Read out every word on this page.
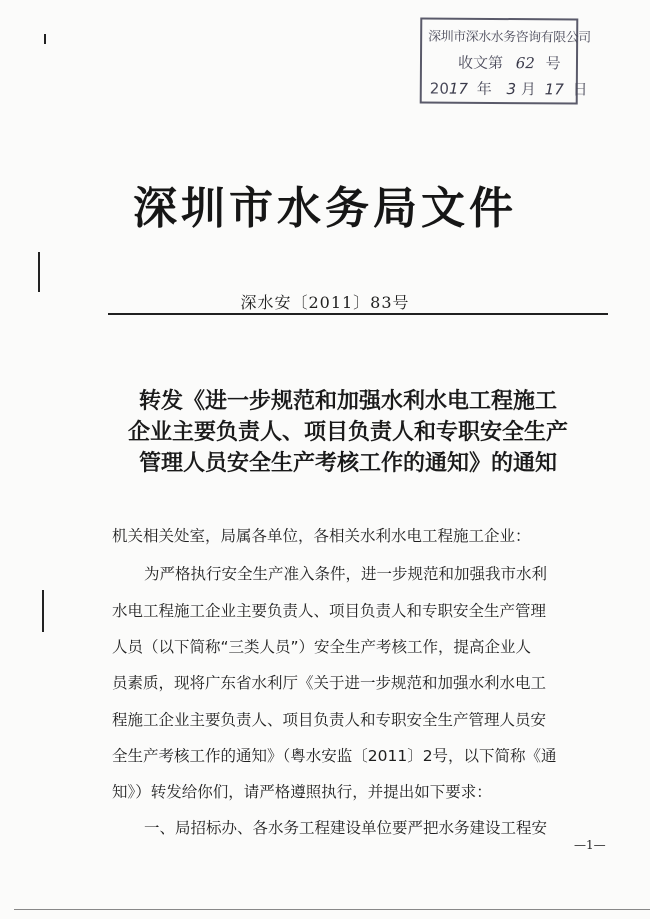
深圳市深水水务咨询有限公司
收文第 62 号
2017 年 3 月 17 日
深圳市水务局文件
深水安〔2011〕83号
转发《进一步规范和加强水利水电工程施工
企业主要负责人、项目负责人和专职安全生产
管理人员安全生产考核工作的通知》的通知
机关相关处室，局属各单位，各相关水利水电工程施工企业：
为严格执行安全生产准入条件，进一步规范和加强我市水利
水电工程施工企业主要负责人、项目负责人和专职安全生产管理
人员（以下简称“三类人员”）安全生产考核工作，提高企业人
员素质，现将广东省水利厅《关于进一步规范和加强水利水电工
程施工企业主要负责人、项目负责人和专职安全生产管理人员安
全生产考核工作的通知》（粤水安监〔2011〕2号，以下简称《通
知》）转发给你们，请严格遵照执行，并提出如下要求：
一、局招标办、各水务工程建设单位要严把水务建设工程安
—1—
